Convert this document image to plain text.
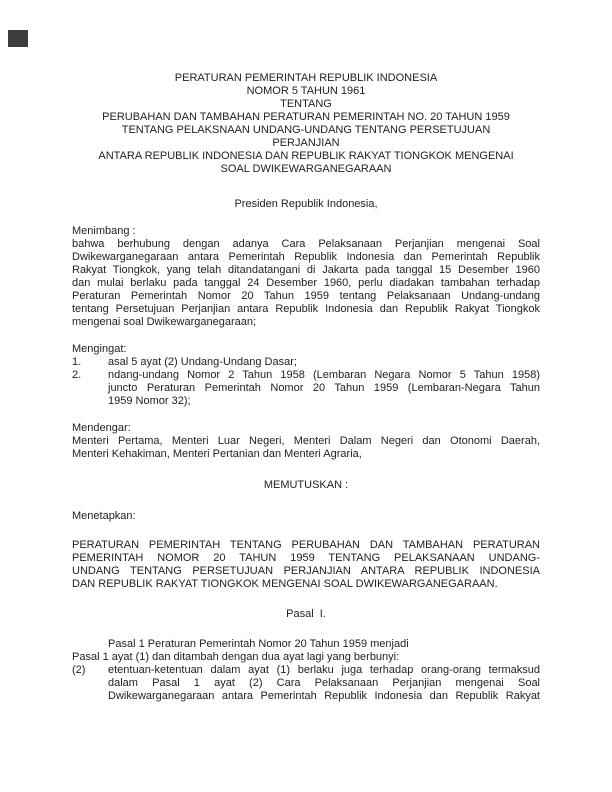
PERATURAN PEMERINTAH REPUBLIK INDONESIA
NOMOR 5 TAHUN 1961
TENTANG
PERUBAHAN DAN TAMBAHAN PERATURAN PEMERINTAH NO. 20 TAHUN 1959
TENTANG PELAKSNAAN UNDANG-UNDANG TENTANG PERSETUJUAN
PERJANJIAN
ANTARA REPUBLIK INDONESIA DAN REPUBLIK RAKYAT TIONGKOK MENGENAI
SOAL DWIKEWARGANEGARAAN
Presiden Republik Indonesia,
Menimbang :
bahwa berhubung dengan adanya Cara Pelaksanaan Perjanjian mengenai Soal
Dwikewarganegaraan antara Pemerintah Republik Indonesia dan Pemerintah Republik
Rakyat Tiongkok, yang telah ditandatangani di Jakarta pada tanggal 15 Desember 1960
dan mulai berlaku pada tanggal 24 Desember 1960, perlu diadakan tambahan terhadap
Peraturan Pemerintah Nomor 20 Tahun 1959 tentang Pelaksanaan Undang-undang
tentang Persetujuan Perjanjian antara Republik Indonesia dan Republik Rakyat Tiongkok
mengenai soal Dwikewarganegaraan;
Mengingat:
1. asal 5 ayat (2) Undang-Undang Dasar;
2. ndang-undang Nomor 2 Tahun 1958 (Lembaran Negara Nomor 5 Tahun 1958)
juncto Peraturan Pemerintah Nomor 20 Tahun 1959 (Lembaran-Negara Tahun
1959 Nomor 32);
Mendengar:
Menteri Pertama, Menteri Luar Negeri, Menteri Dalam Negeri dan Otonomi Daerah,
Menteri Kehakiman, Menteri Pertanian dan Menteri Agraria,
MEMUTUSKAN :
Menetapkan:
PERATURAN PEMERINTAH TENTANG PERUBAHAN DAN TAMBAHAN PERATURAN
PEMERINTAH NOMOR 20 TAHUN 1959 TENTANG PELAKSANAAN UNDANG-
UNDANG TENTANG PERSETUJUAN PERJANJIAN ANTARA REPUBLIK INDONESIA
DAN REPUBLIK RAKYAT TIONGKOK MENGENAI SOAL DWIKEWARGANEGARAAN.
Pasal  I.
Pasal 1 Peraturan Pemerintah Nomor 20 Tahun 1959 menjadi
Pasal 1 ayat (1) dan ditambah dengan dua ayat lagi yang berbunyi:
(2) etentuan-ketentuan dalam ayat (1) berlaku juga terhadap orang-orang termaksud
dalam Pasal 1 ayat (2) Cara Pelaksanaan Perjanjian mengenai Soal
Dwikewarganegaraan antara Pemerintah Republik Indonesia dan Republik Rakyat
